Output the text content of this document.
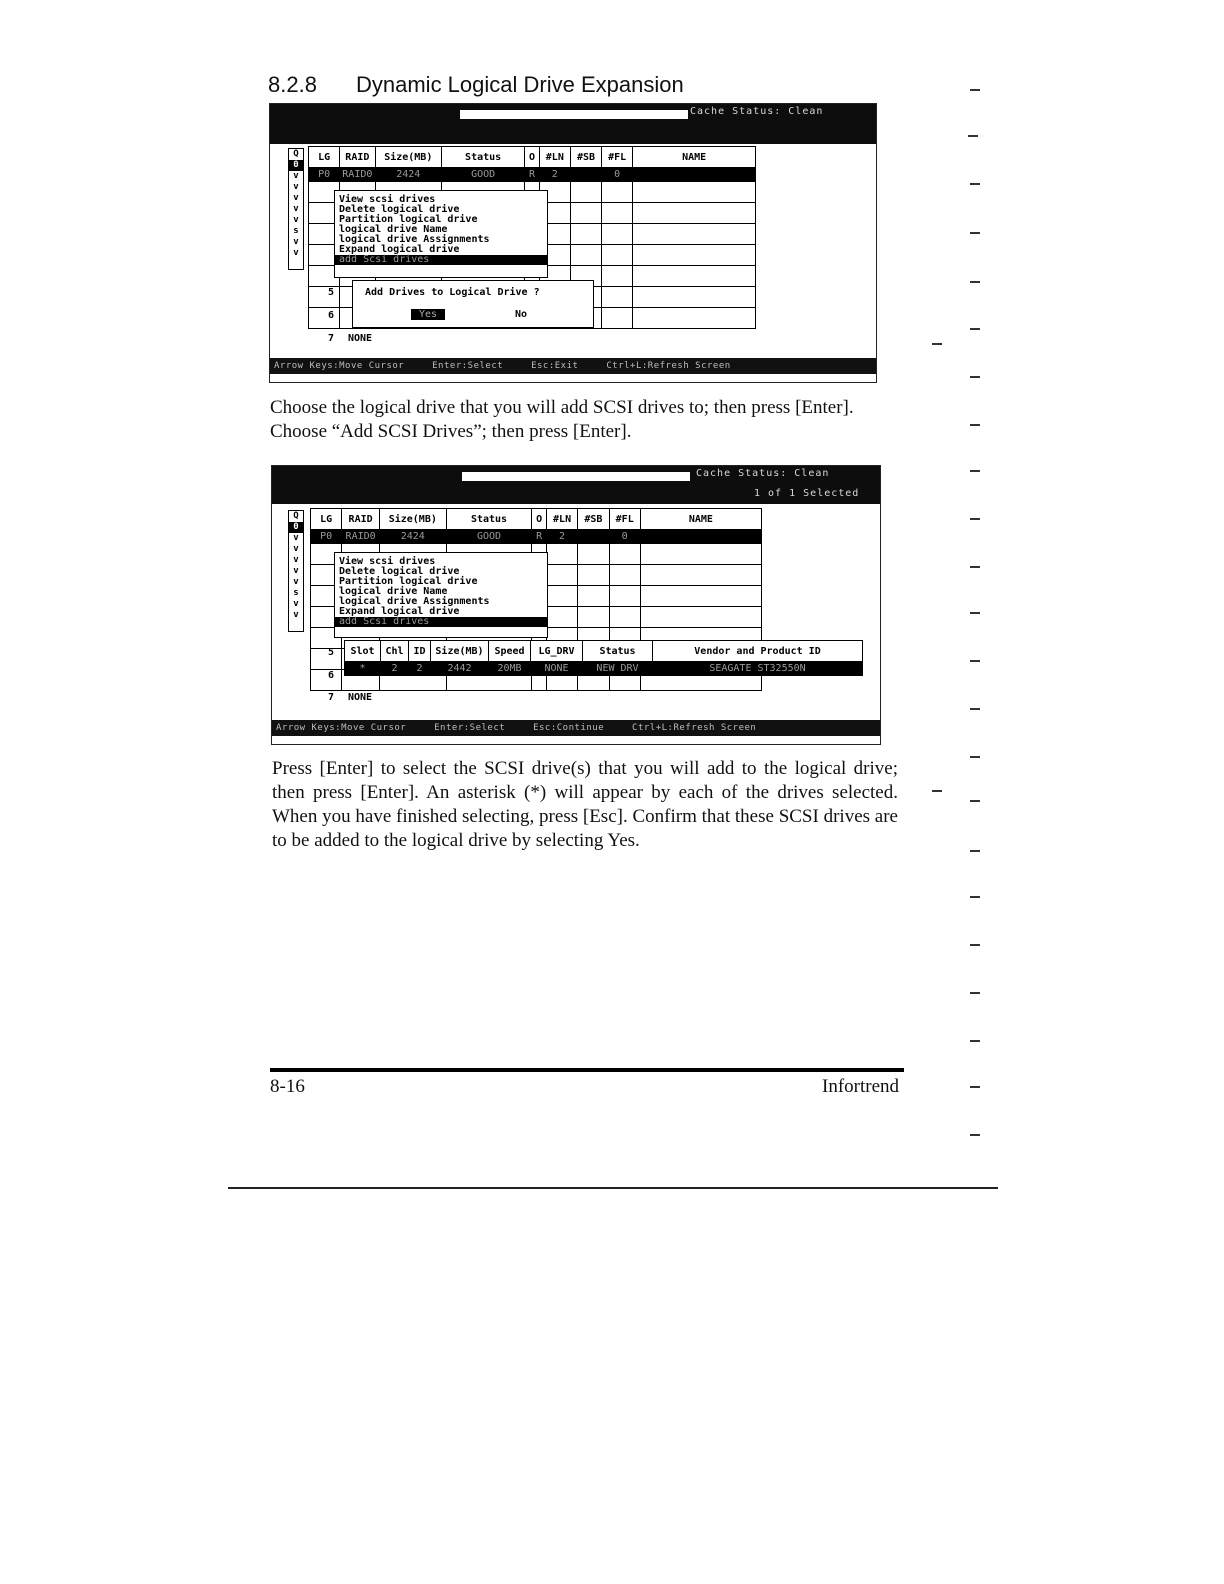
8.2.8 Dynamic Logical Drive Expansion
Cache Status: Clean
Q
0
v
v
v
v
v
s
v
v
LG	RAID	Size(MB)	Status	O	#LN	#SB	#FL	NAME
P0	RAID0	2424	GOOD	R	2		0	

View scsi drives
Delete logical drive
Partition logical drive
logical drive Name
logical drive Assignments
Expand logical drive
add Scsi drives
5
6
7 NONE
Add Drives to Logical Drive ?
Yes	No
Arrow Keys:Move Cursor	Enter:Select	Esc:Exit	Ctrl+L:Refresh Screen

Choose the logical drive that you will add SCSI drives to; then press [Enter]. Choose “Add SCSI Drives”; then press [Enter].

Cache Status: Clean
1 of 1 Selected
Q
0
v
v
v
v
v
s
v
v
LG	RAID	Size(MB)	Status	O	#LN	#SB	#FL	NAME
P0	RAID0	2424	GOOD	R	2		0	

View scsi drives
Delete logical drive
Partition logical drive
logical drive Name
logical drive Assignments
Expand logical drive
add Scsi drives
5
6
7 NONE
Slot	Chl	ID	Size(MB)	Speed	LG_DRV	Status	Vendor and Product ID
*	2	2	2442	20MB	NONE	NEW DRV	SEAGATE ST32550N
Arrow Keys:Move Cursor	Enter:Select	Esc:Continue	Ctrl+L:Refresh Screen

Press [Enter] to select the SCSI drive(s) that you will add to the logical drive; then press [Enter]. An asterisk (*) will appear by each of the drives selected. When you have finished selecting, press [Esc]. Confirm that these SCSI drives are to be added to the logical drive by selecting Yes.

8-16	Infortrend
